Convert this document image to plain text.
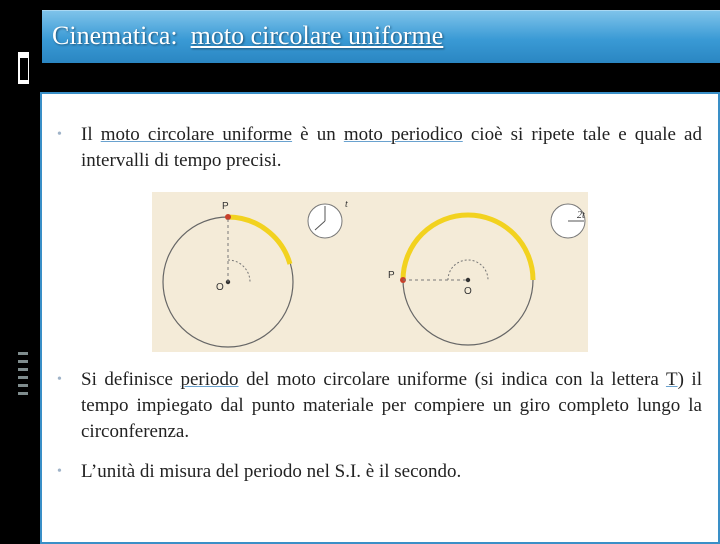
Cinematica: moto circolare uniforme
• Il moto circolare uniforme è un moto periodico cioè si ripete tale e quale ad intervalli di tempo precisi.
P
O
t
P
O
2t
• Si definisce periodo del moto circolare uniforme (si indica con la lettera T) il tempo impiegato dal punto materiale per compiere un giro completo lungo la circonferenza.
• L’unità di misura del periodo nel S.I. è il secondo.
